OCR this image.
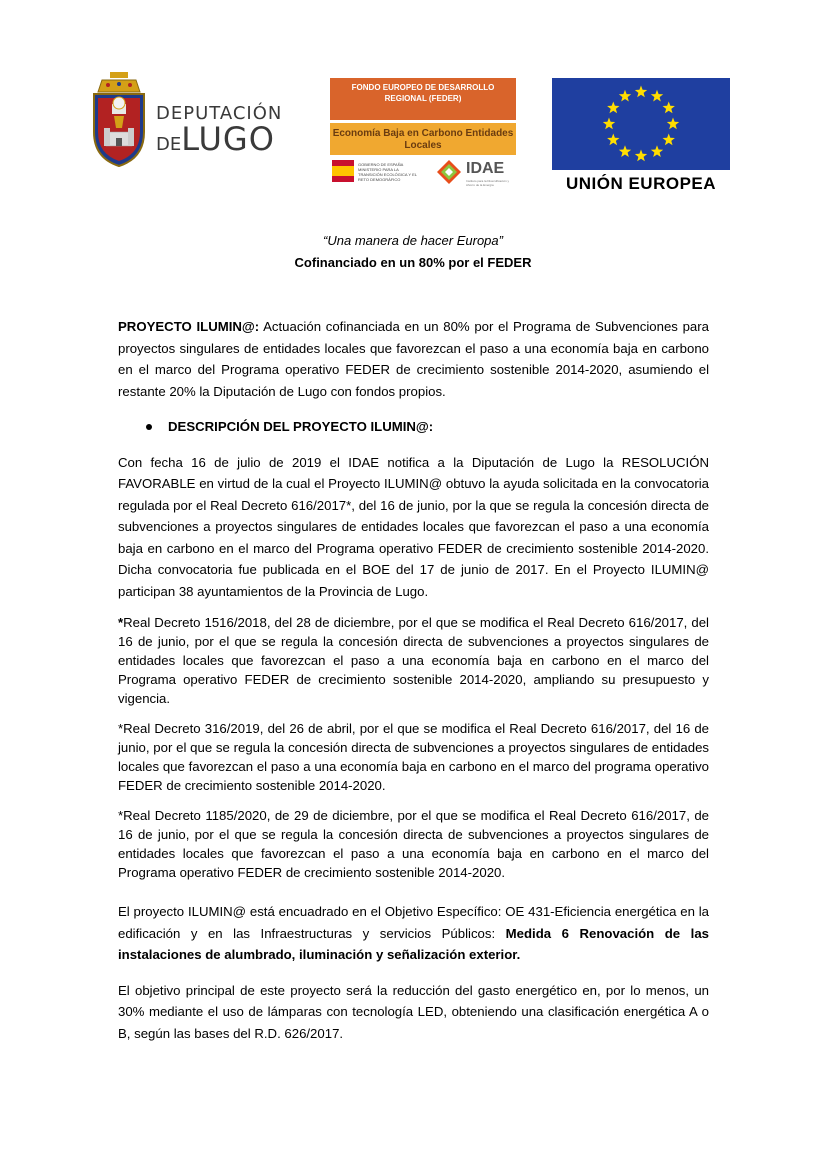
DEPUTACIÓN
DELUGO
FONDO EUROPEO DE DESARROLLO REGIONAL (FEDER)
Economía Baja en Carbono Entidades Locales
GOBIERNO DE ESPAÑA MINISTERIO PARA LA TRANSICIÓN ECOLÓGICA Y EL RETO DEMOGRÁFICO
IDAE
Instituto para la Diversificación y Ahorro de la Energía	UNIÓN EUROPEA
“Una manera de hacer Europa”
Cofinanciado en un 80% por el FEDER

PROYECTO ILUMIN@: Actuación cofinanciada en un 80% por el Programa de Subvenciones para proyectos singulares de entidades locales que favorezcan el paso a una economía baja en carbono en el marco del Programa operativo FEDER de crecimiento sostenible 2014-2020, asumiendo el restante 20% la Diputación de Lugo con fondos propios.

DESCRIPCIÓN DEL PROYECTO ILUMIN@:

Con fecha 16 de julio de 2019 el IDAE notifica a la Diputación de Lugo la RESOLUCIÓN FAVORABLE en virtud de la cual el Proyecto ILUMIN@ obtuvo la ayuda solicitada en la convocatoria regulada por el Real Decreto 616/2017*, del 16 de junio, por la que se regula la concesión directa de subvenciones a proyectos singulares de entidades locales que favorezcan el paso a una economía baja en carbono en el marco del Programa operativo FEDER de crecimiento sostenible 2014-2020. Dicha convocatoria fue publicada en el BOE del 17 de junio de 2017. En el Proyecto ILUMIN@ participan 38 ayuntamientos de la Provincia de Lugo.

*Real Decreto 1516/2018, del 28 de diciembre, por el que se modifica el Real Decreto 616/2017, del 16 de junio, por el que se regula la concesión directa de subvenciones a proyectos singulares de entidades locales que favorezcan el paso a una economía baja en carbono en el marco del Programa operativo FEDER de crecimiento sostenible 2014-2020, ampliando su presupuesto y vigencia.

*Real Decreto 316/2019, del 26 de abril, por el que se modifica el Real Decreto 616/2017, del 16 de junio, por el que se regula la concesión directa de subvenciones a proyectos singulares de entidades locales que favorezcan el paso a una economía baja en carbono en el marco del programa operativo FEDER de crecimiento sostenible 2014-2020.

*Real Decreto 1185/2020, de 29 de diciembre, por el que se modifica el Real Decreto 616/2017, de 16 de junio, por el que se regula la concesión directa de subvenciones a proyectos singulares de entidades locales que favorezcan el paso a una economía baja en carbono en el marco del Programa operativo FEDER de crecimiento sostenible 2014-2020.

El proyecto ILUMIN@ está encuadrado en el Objetivo Específico: OE 431-Eficiencia energética en la edificación y en las Infraestructuras y servicios Públicos: Medida 6 Renovación de las instalaciones de alumbrado, iluminación y señalización exterior.

El objetivo principal de este proyecto será la reducción del gasto energético en, por lo menos, un 30% mediante el uso de lámparas con tecnología LED, obteniendo una clasificación energética A o B, según las bases del R.D. 626/2017.
